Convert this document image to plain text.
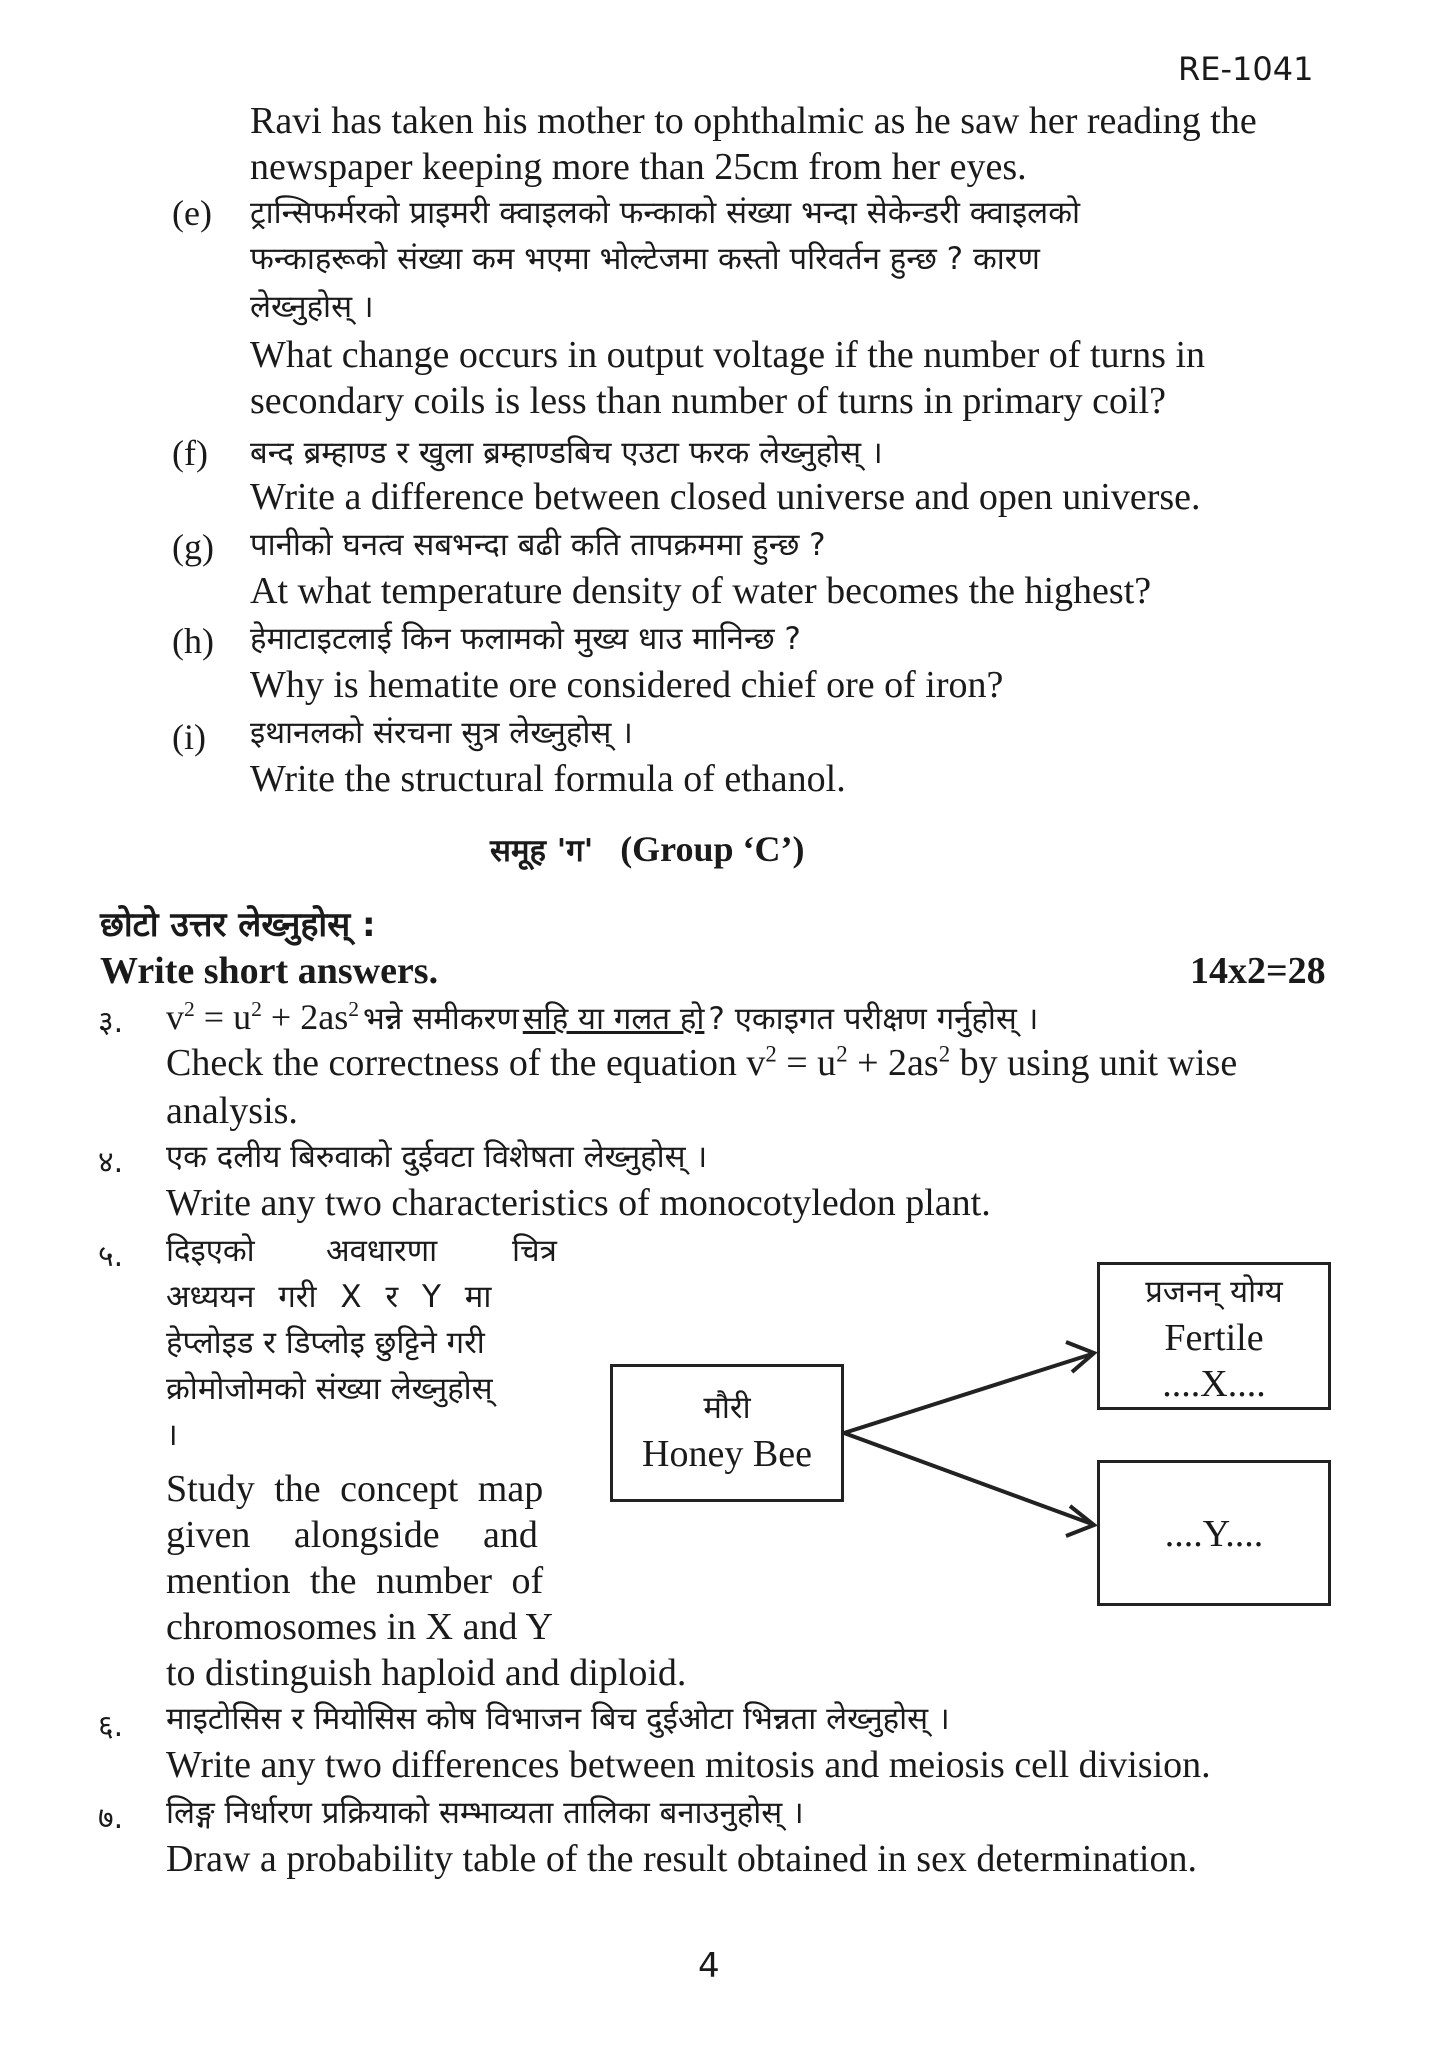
RE-1041
Ravi has taken his mother to ophthalmic as he saw her reading the
newspaper keeping more than 25cm from her eyes.
(e) ट्रान्सिफर्मरको प्राइमरी क्वाइलको फन्काको संख्या भन्दा सेकेन्डरी क्वाइलको
फन्काहरूको संख्या कम भएमा भोल्टेजमा कस्तो परिवर्तन हुन्छ ? कारण
लेख्नुहोस् ।
What change occurs in output voltage if the number of turns in
secondary coils is less than number of turns in primary coil?
(f) बन्द ब्रम्हाण्ड र खुला ब्रम्हाण्डबिच एउटा फरक लेख्नुहोस् ।
Write a difference between closed universe and open universe.
(g) पानीको घनत्व सबभन्दा बढी कति तापक्रममा हुन्छ ?
At what temperature density of water becomes the highest?
(h) हेमाटाइटलाई किन फलामको मुख्य धाउ मानिन्छ ?
Why is hematite ore considered chief ore of iron?
(i) इथानलको संरचना सुत्र लेख्नुहोस् ।
Write the structural formula of ethanol.
समूह 'ग' (Group ‘C’)
छोटो उत्तर लेख्नुहोस् :
Write short answers.	14x2=28
३. $v^2 = u^2 + 2as^2$ भन्ने समीकरण सहि या गलत हो ? एकाइगत परीक्षण गर्नुहोस् ।
Check the correctness of the equation $v^2 = u^2 + 2as^2$ by using unit wise
analysis.
४. एक दलीय बिरुवाको दुईवटा विशेषता लेख्नुहोस् ।
Write any two characteristics of monocotyledon plant.
५. दिइएको अवधारणा चित्र
अध्ययन गरी X र Y मा
हेप्लोइड र डिप्लोइ छुट्टिने गरी
क्रोमोजोमको संख्या लेख्नुहोस्
।
Study the concept map
given alongside and
mention the number of
chromosomes in X and Y
to distinguish haploid and diploid.
मौरी
Honey Bee
प्रजनन् योग्य
Fertile
....X....
....Y....
६. माइटोसिस र मियोसिस कोष विभाजन बिच दुईओटा भिन्नता लेख्नुहोस् ।
Write any two differences between mitosis and meiosis cell division.
७. लिङ्ग निर्धारण प्रक्रियाको सम्भाव्यता तालिका बनाउनुहोस् ।
Draw a probability table of the result obtained in sex determination.
4
